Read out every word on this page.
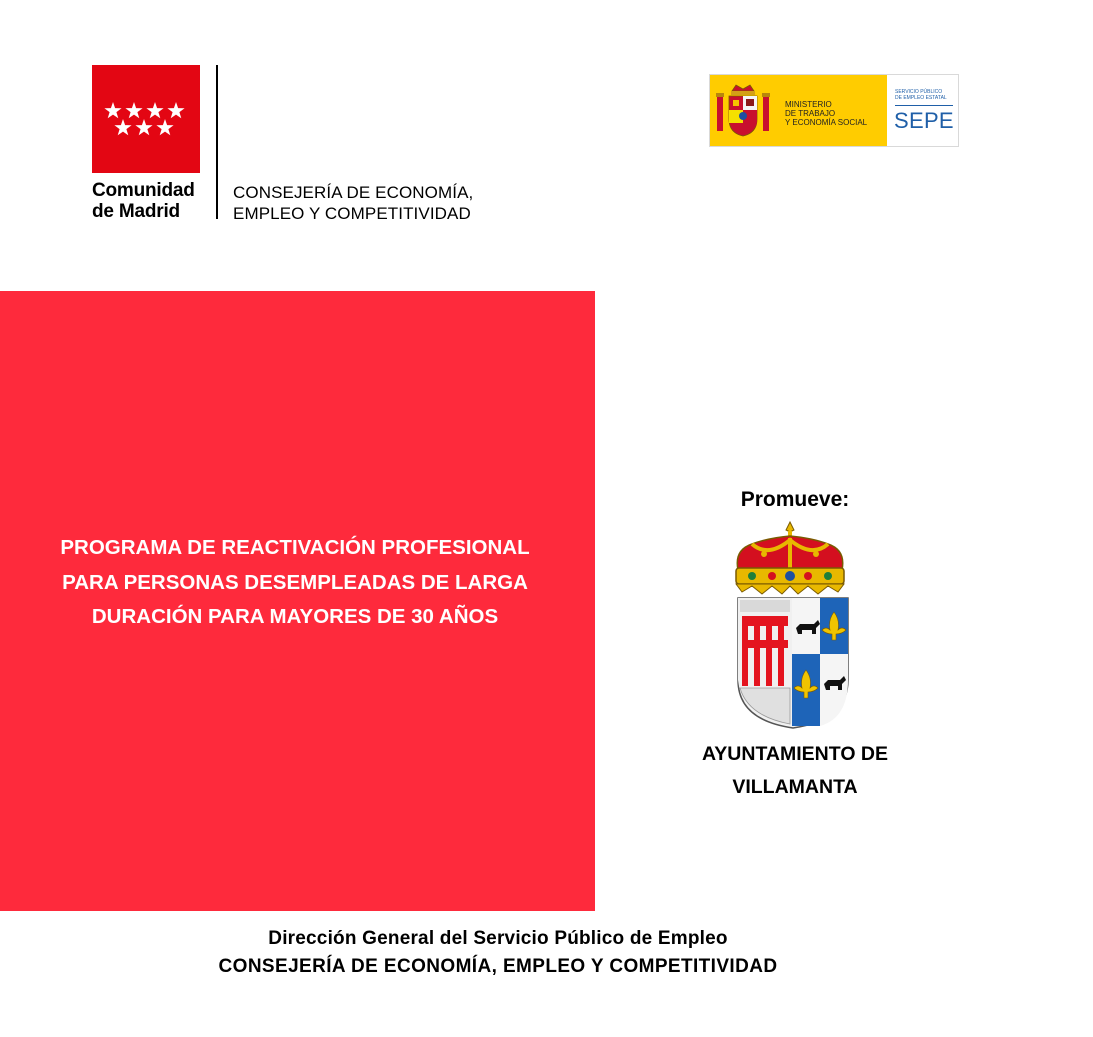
Comunidad
de Madrid
CONSEJERÍA DE ECONOMÍA,
EMPLEO Y COMPETITIVIDAD
MINISTERIO
DE TRABAJO
Y ECONOMÍA SOCIAL
SERVICIO PÚBLICO
DE EMPLEO ESTATAL
SEPE
PROGRAMA DE REACTIVACIÓN PROFESIONAL
PARA PERSONAS DESEMPLEADAS DE LARGA
DURACIÓN PARA MAYORES DE 30 AÑOS
Promueve:
AYUNTAMIENTO DE
VILLAMANTA
Dirección General del Servicio Público de Empleo
CONSEJERÍA DE ECONOMÍA, EMPLEO Y COMPETITIVIDAD
